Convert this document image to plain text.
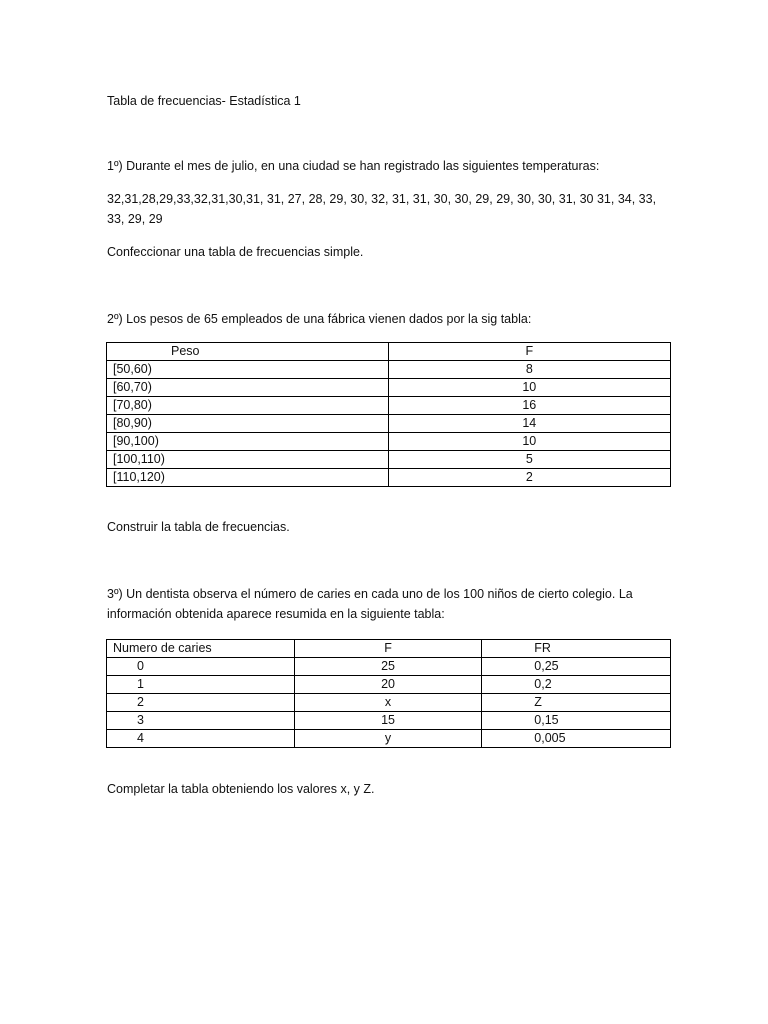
Tabla de frecuencias- Estadística 1
1º) Durante el mes de julio, en una ciudad se han registrado las siguientes temperaturas:
32,31,28,29,33,32,31,30,31, 31, 27, 28, 29, 30, 32, 31, 31, 30, 30, 29, 29, 30, 30, 31, 30 31, 34, 33, 33, 29, 29
Confeccionar una tabla de frecuencias simple.
2º) Los pesos de 65 empleados de una fábrica vienen dados por la sig tabla:
Peso	F
[50,60)	8
[60,70)	10
[70,80)	16
[80,90)	14
[90,100)	10
[100,110)	5
[110,120)	2
Construir la tabla de frecuencias.
3º) Un dentista observa el número de caries en cada uno de los 100 niños de cierto colegio. La información obtenida aparece resumida en la siguiente tabla:
Numero de caries	F	FR
0	25	0,25
1	20	0,2
2	x	Z
3	15	0,15
4	y	0,005
Completar la tabla obteniendo los valores x, y Z.
